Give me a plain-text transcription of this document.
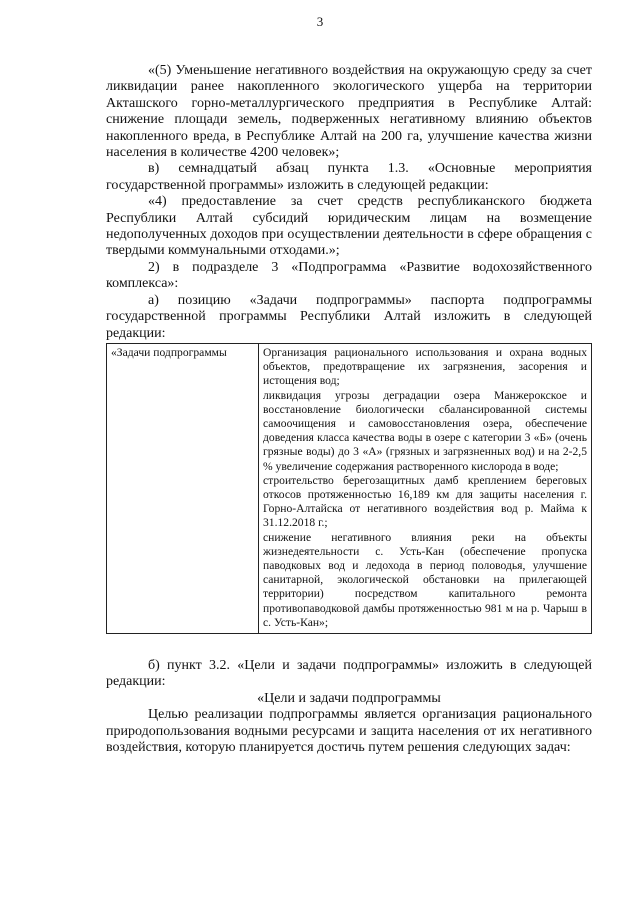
3

«(5) Уменьшение негативного воздействия на окружающую среду за счет ликвидации ранее накопленного экологического ущерба на территории Акташского горно-металлургического предприятия в Республике Алтай: снижение площади земель, подверженных негативному влиянию объектов накопленного вреда, в Республике Алтай на 200 га, улучшение качества жизни населения в количестве 4200 человек»;

в) семнадцатый абзац пункта 1.3. «Основные мероприятия государственной программы» изложить в следующей редакции:

«4) предоставление за счет средств республиканского бюджета Республики Алтай субсидий юридическим лицам на возмещение недополученных доходов при осуществлении деятельности в сфере обращения с твердыми коммунальными отходами.»;

2) в подразделе 3 «Подпрограмма «Развитие водохозяйственного комплекса»:

а) позицию «Задачи подпрограммы» паспорта подпрограммы государственной программы Республики Алтай изложить в следующей редакции:

«Задачи подпрограммы	Организация рационального использования и охрана водных объектов, предотвращение их загрязнения, засорения и истощения вод;
ликвидация угрозы деградации озера Манжерокское и восстановление биологически сбалансированной системы самоочищения и самовосстановления озера, обеспечение доведения класса качества воды в озере с категории 3 «Б» (очень грязные воды) до 3 «А» (грязных и загрязненных вод) и на 2-2,5 % увеличение содержания растворенного кислорода в воде;
строительство берегозащитных дамб креплением береговых откосов протяженностью 16,189 км для защиты населения г. Горно-Алтайска от негативного воздействия вод р. Майма к 31.12.2018 г.;
снижение негативного влияния реки на объекты жизнедеятельности с. Усть-Кан (обеспечение пропуска паводковых вод и ледохода в период половодья, улучшение санитарной, экологической обстановки на прилегающей территории) посредством капитального ремонта противопаводковой дамбы протяженностью 981 м на р. Чарыш в с. Усть-Кан»;

б) пункт 3.2. «Цели и задачи подпрограммы» изложить в следующей редакции:

«Цели и задачи подпрограммы

Целью реализации подпрограммы является организация рационального природопользования водными ресурсами и защита населения от их негативного воздействия, которую планируется достичь путем решения следующих задач:
